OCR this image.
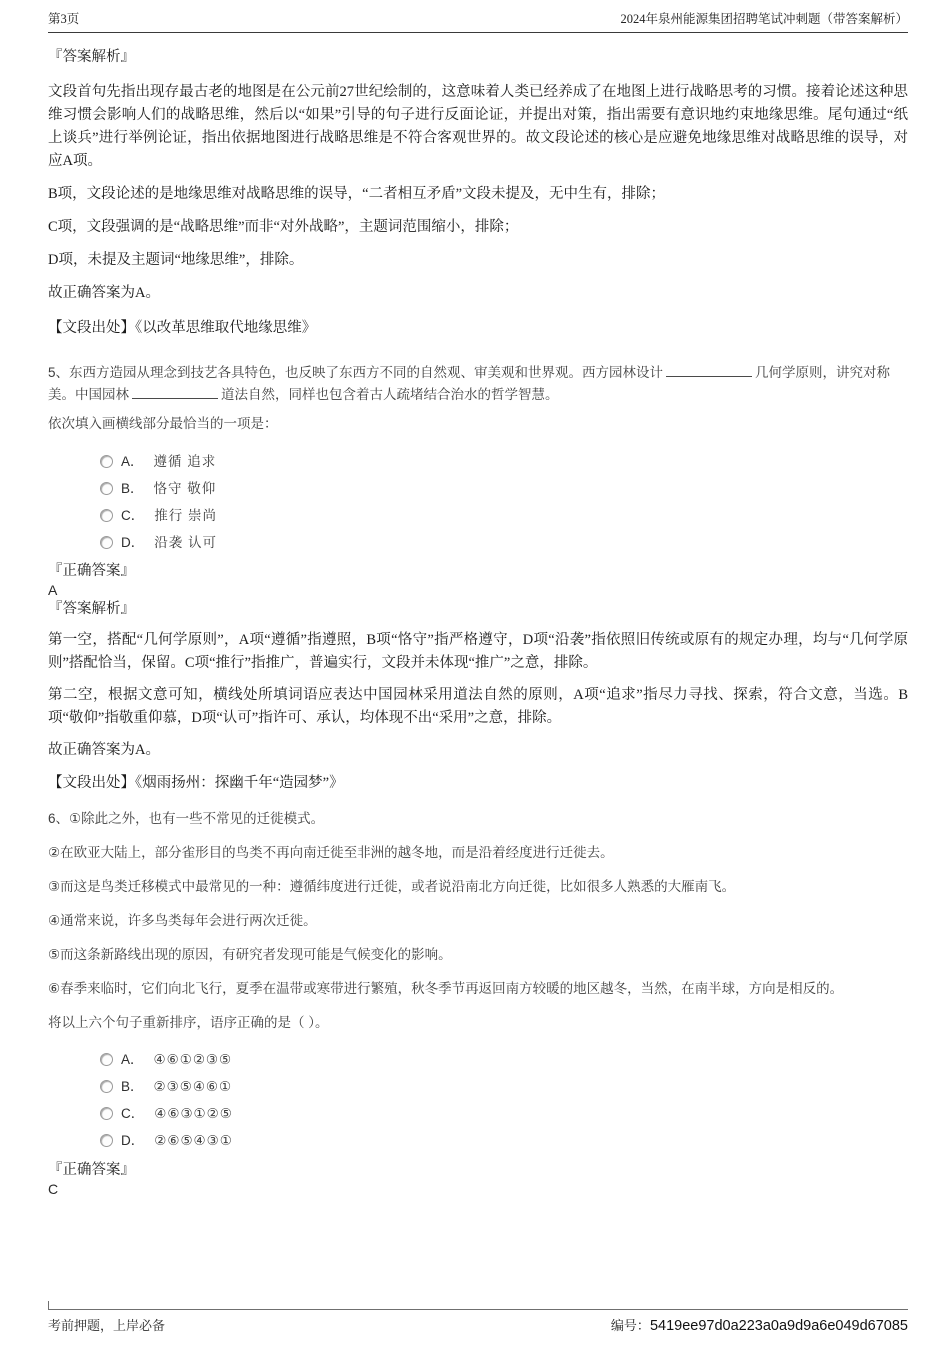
第3页	2024年泉州能源集团招聘笔试冲刺题（带答案解析）

『答案解析』

文段首句先指出现存最古老的地图是在公元前27世纪绘制的，这意味着人类已经养成了在地图上进行战略思考的习惯。接着论述这种思维习惯会影响人们的战略思维，然后以“如果”引导的句子进行反面论证，并提出对策，指出需要有意识地约束地缘思维。尾句通过“纸上谈兵”进行举例论证，指出依据地图进行战略思维是不符合客观世界的。故文段论述的核心是应避免地缘思维对战略思维的误导，对应A项。

B项，文段论述的是地缘思维对战略思维的误导，“二者相互矛盾”文段未提及，无中生有，排除；

C项，文段强调的是“战略思维”而非“对外战略”，主题词范围缩小，排除；

D项，未提及主题词“地缘思维”，排除。

故正确答案为A。

【文段出处】《以改革思维取代地缘思维》

5、东西方造园从理念到技艺各具特色，也反映了东西方不同的自然观、审美观和世界观。西方园林设计	几何学原则，讲究对称美。中国园林	道法自然，同样也包含着古人疏堵结合治水的哲学智慧。

依次填入画横线部分最恰当的一项是：

A． 遵循 追求
B． 恪守 敬仰
C． 推行 崇尚
D． 沿袭 认可

『正确答案』

A

『答案解析』

第一空，搭配“几何学原则”，A项“遵循”指遵照，B项“恪守”指严格遵守，D项“沿袭”指依照旧传统或原有的规定办理，均与“几何学原则”搭配恰当，保留。C项“推行”指推广，普遍实行，文段并未体现“推广”之意，排除。

第二空，根据文意可知，横线处所填词语应表达中国园林采用道法自然的原则，A项“追求”指尽力寻找、探索，符合文意，当选。B项“敬仰”指敬重仰慕，D项“认可”指许可、承认，均体现不出“采用”之意，排除。

故正确答案为A。

【文段出处】《烟雨扬州：探幽千年“造园梦”》

6、①除此之外，也有一些不常见的迁徙模式。

②在欧亚大陆上，部分雀形目的鸟类不再向南迁徙至非洲的越冬地，而是沿着经度进行迁徙去。

③而这是鸟类迁移模式中最常见的一种：遵循纬度进行迁徙，或者说沿南北方向迁徙，比如很多人熟悉的大雁南飞。

④通常来说，许多鸟类每年会进行两次迁徙。

⑤而这条新路线出现的原因，有研究者发现可能是气候变化的影响。

⑥春季来临时，它们向北飞行，夏季在温带或寒带进行繁殖，秋冬季节再返回南方较暖的地区越冬，当然，在南半球，方向是相反的。

将以上六个句子重新排序，语序正确的是（ ）。

A． ④⑥①②③⑤
B． ②③⑤④⑥①
C． ④⑥③①②⑤
D． ②⑥⑤④③①

『正确答案』

C

考前押题，上岸必备	编号：5419ee97d0a223a0a9d9a6e049d67085
